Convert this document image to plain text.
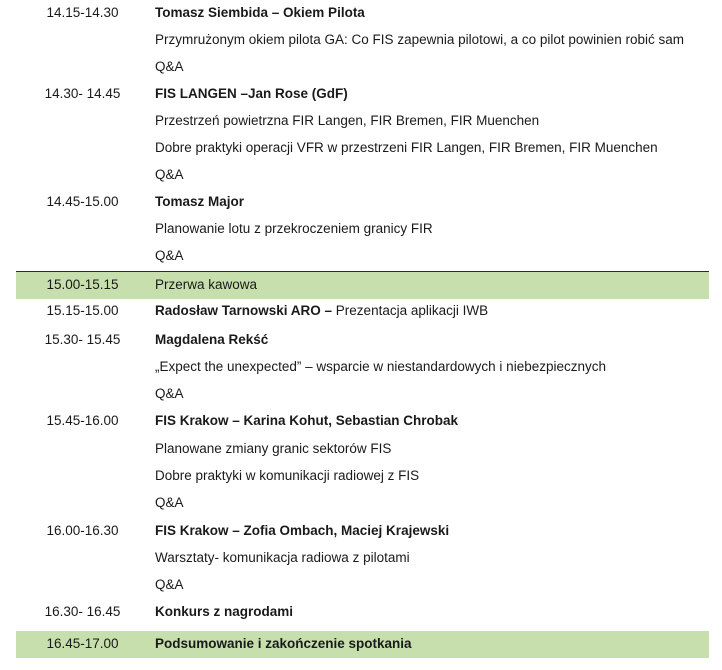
14.15-14.30	Tomasz Siembida – Okiem Pilota
Przymrużonym okiem pilota GA: Co FIS zapewnia pilotowi, a co pilot powinien robić sam
Q&A
14.30- 14.45	FIS LANGEN –Jan Rose (GdF)
Przestrzeń powietrzna FIR Langen, FIR Bremen, FIR Muenchen
Dobre praktyki operacji VFR w przestrzeni FIR Langen, FIR Bremen, FIR Muenchen
Q&A
14.45-15.00	Tomasz Major
Planowanie lotu z przekroczeniem granicy FIR
Q&A
15.00-15.15	Przerwa kawowa
15.15-15.00	Radosław Tarnowski ARO – Prezentacja aplikacji IWB
15.30- 15.45	Magdalena Rekść
„Expect the unexpected” – wsparcie w niestandardowych i niebezpiecznych
Q&A
15.45-16.00	FIS Krakow – Karina Kohut, Sebastian Chrobak
Planowane zmiany granic sektorów FIS
Dobre praktyki w komunikacji radiowej z FIS
Q&A
16.00-16.30	FIS Krakow – Zofia Ombach, Maciej Krajewski
Warsztaty- komunikacja radiowa z pilotami
Q&A
16.30- 16.45	Konkurs z nagrodami
16.45-17.00	Podsumowanie i zakończenie spotkania
